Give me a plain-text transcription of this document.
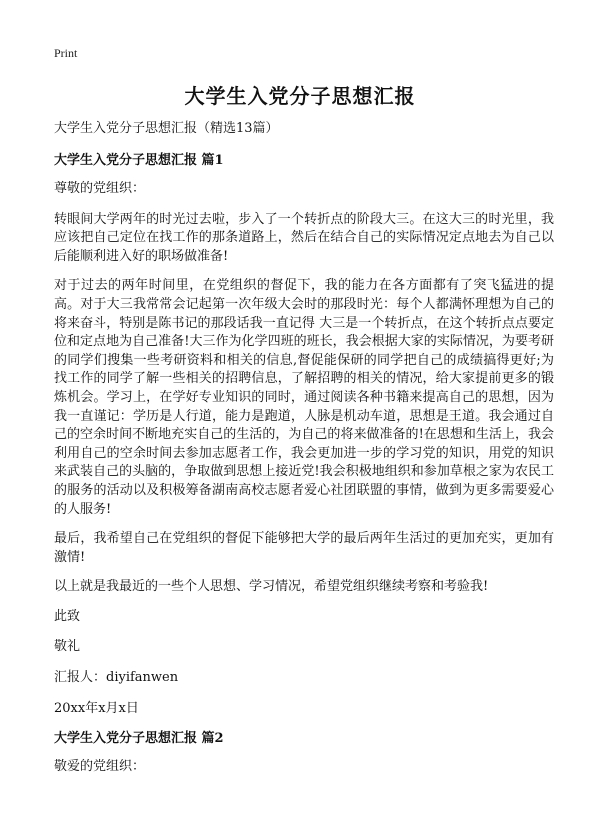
Print
大学生入党分子思想汇报

大学生入党分子思想汇报（精选13篇）

大学生入党分子思想汇报 篇1

尊敬的党组织：

转眼间大学两年的时光过去啦，步入了一个转折点的阶段大三。在这大三的时光里，我应该把自己定位在找工作的那条道路上，然后在结合自己的实际情况定点地去为自己以后能顺利进入好的职场做准备!

对于过去的两年时间里，在党组织的督促下，我的能力在各方面都有了突飞猛进的提高。对于大三我常常会记起第一次年级大会时的那段时光：每个人都满怀理想为自己的将来奋斗，特别是陈书记的那段话我一直记得 大三是一个转折点，在这个转折点点要定位和定点地为自己准备!大三作为化学四班的班长，我会根据大家的实际情况，为要考研的同学们搜集一些考研资料和相关的信息,督促能保研的同学把自己的成绩搞得更好;为找工作的同学了解一些相关的招聘信息，了解招聘的相关的情况，给大家提前更多的锻炼机会。学习上，在学好专业知识的同时，通过阅读各种书籍来提高自己的思想，因为我一直谨记：学历是人行道，能力是跑道，人脉是机动车道，思想是王道。我会通过自己的空余时间不断地充实自己的生活的，为自己的将来做准备的!在思想和生活上，我会利用自己的空余时间去参加志愿者工作，我会更加进一步的学习党的知识，用党的知识来武装自己的头脑的，争取做到思想上接近党!我会积极地组织和参加草根之家为农民工的服务的活动以及积极筹备湖南高校志愿者爱心社团联盟的事情，做到为更多需要爱心的人服务!

最后，我希望自己在党组织的督促下能够把大学的最后两年生活过的更加充实，更加有激情!

以上就是我最近的一些个人思想、学习情况，希望党组织继续考察和考验我!

此致

敬礼

汇报人：diyifanwen

20xx年x月x日

大学生入党分子思想汇报 篇2

敬爱的党组织：
